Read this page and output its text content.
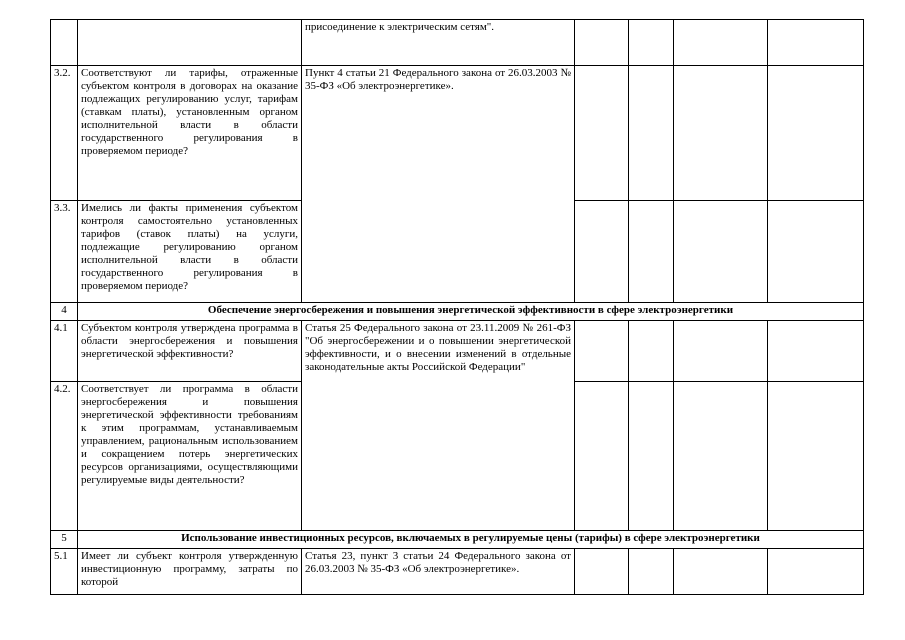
		присоединение к электрическим сетям".				
3.2.	Соответствуют ли тарифы, отраженные субъектом контроля в договорах на оказание подлежащих регулированию услуг, тарифам (ставкам платы), установленным органом исполнительной власти в области государственного регулирования в проверяемом периоде?	Пункт 4 статьи 21 Федерального закона от 26.03.2003 № 35-ФЗ «Об электроэнергетике».				
3.3.	Имелись ли факты применения субъектом контроля самостоятельно установленных тарифов (ставок платы) на услуги, подлежащие регулированию органом исполнительной власти в области государственного регулирования в проверяемом периоде?					
4	Обеспечение энергосбережения и повышения энергетической эффективности в сфере электроэнергетики					
4.1	Субъектом контроля утверждена программа в области энергосбережения и повышения энергетической эффективности?	Статья 25 Федерального закона от 23.11.2009 № 261-ФЗ "Об энергосбережении и о повышении энергетической эффективности, и о внесении изменений в отдельные законодательные акты Российской Федерации"				
4.2.	Соответствует ли программа в области энергосбережения и повышения энергетической эффективности требованиям к этим программам, устанавливаемым управлением, рациональным использованием и сокращением потерь энергетических ресурсов организациями, осуществляющими регулируемые виды деятельности?					
5	Использование инвестиционных ресурсов, включаемых в регулируемые цены (тарифы) в сфере электроэнергетики					
5.1	Имеет ли субъект контроля утвержденную инвестиционную программу, затраты по которой	Статья 23, пункт 3 статьи 24 Федерального закона от 26.03.2003 № 35-ФЗ «Об электроэнергетике».				
